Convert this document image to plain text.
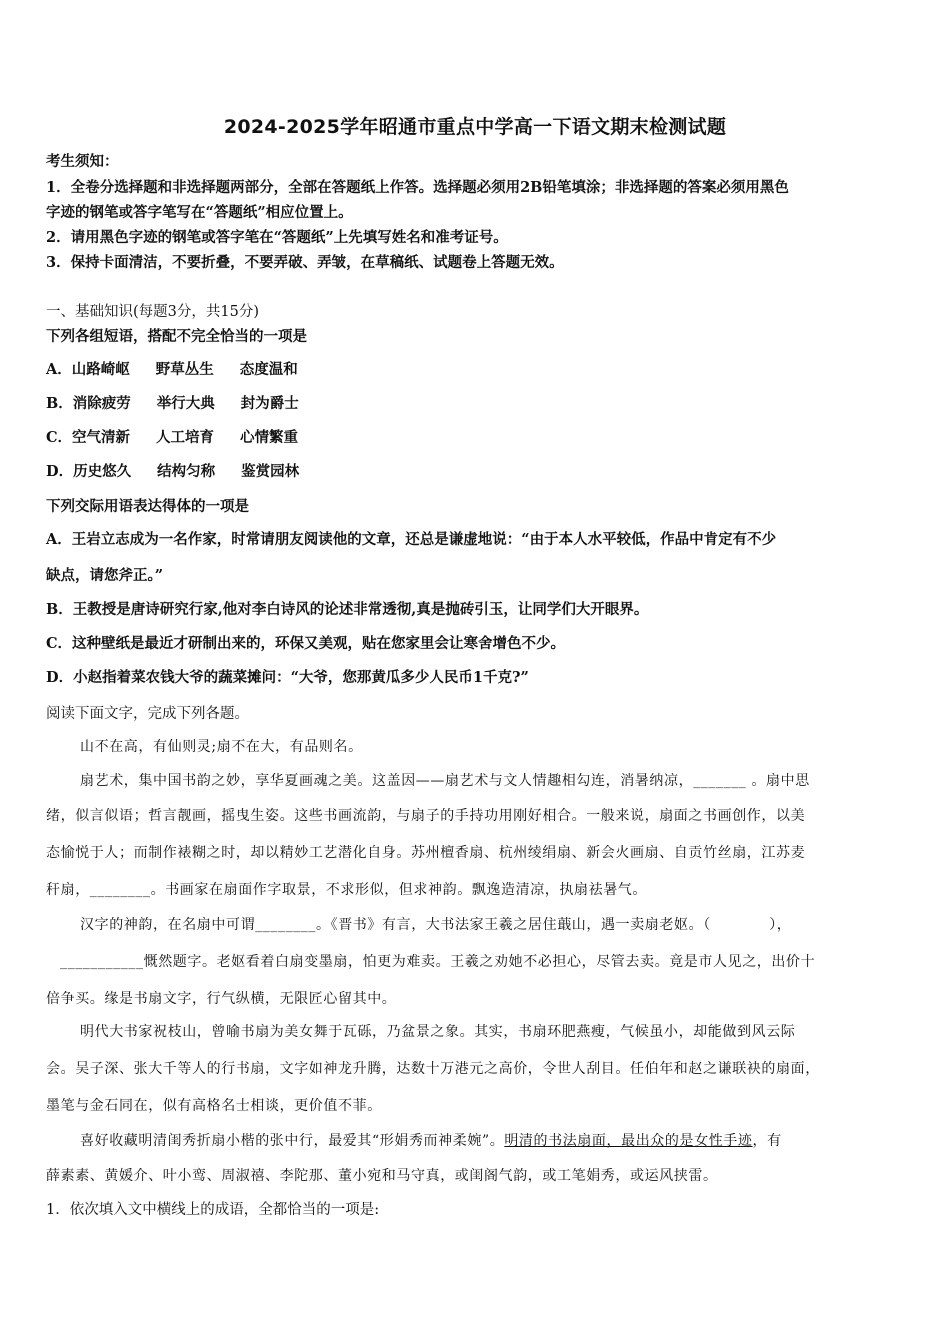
2024-2025学年昭通市重点中学高一下语文期末检测试题
考生须知：
1．全卷分选择题和非选择题两部分，全部在答题纸上作答。选择题必须用2B铅笔填涂；非选择题的答案必须用黑色
字迹的钢笔或答字笔写在“答题纸”相应位置上。
2．请用黑色字迹的钢笔或答字笔在“答题纸”上先填写姓名和准考证号。
3．保持卡面清洁，不要折叠，不要弄破、弄皱，在草稿纸、试题卷上答题无效。
一、基础知识(每题3分，共15分)
下列各组短语，搭配不完全恰当的一项是
A．山路崎岖 野草丛生 态度温和
B．消除疲劳 举行大典 封为爵士
C．空气清新 人工培育 心情繁重
D．历史悠久 结构匀称 鉴赏园林
下列交际用语表达得体的一项是
A．王岩立志成为一名作家，时常请朋友阅读他的文章，还总是谦虚地说：“由于本人水平较低，作品中肯定有不少
缺点，请您斧正。”
B．王教授是唐诗研究行家,他对李白诗风的论述非常透彻,真是抛砖引玉，让同学们大开眼界。
C．这种壁纸是最近才研制出来的，环保又美观，贴在您家里会让寒舍增色不少。
D．小赵指着菜农钱大爷的蔬菜摊问：“大爷，您那黄瓜多少人民币1千克?”
阅读下面文字，完成下列各题。
山不在高，有仙则灵;扇不在大，有品则名。
扇艺术，集中国书韵之妙，享华夏画魂之美。这盖因——扇艺术与文人情趣相勾连，消暑纳凉，_______ 。扇中思
绪，似言似语；哲言靓画，摇曳生姿。这些书画流韵，与扇子的手持功用刚好相合。一般来说，扇面之书画创作，以美
态愉悦于人；而制作裱糊之时，却以精妙工艺潜化自身。苏州檀香扇、杭州绫绢扇、新会火画扇、自贡竹丝扇，江苏麦
秆扇，________。书画家在扇面作字取景，不求形似，但求神韵。飘逸造清凉，执扇祛暑气。
汉字的神韵，在名扇中可谓________。《晋书》有言，大书法家王羲之居住蕺山，遇一卖扇老妪。（　　　　），
___________慨然题字。老妪看着白扇变墨扇，怕更为难卖。王羲之劝她不必担心，尽管去卖。竟是市人见之，出价十
倍争买。缘是书扇文字，行气纵横，无限匠心留其中。
明代大书家祝枝山，曾喻书扇为美女舞于瓦砾，乃盆景之象。其实，书扇环肥燕瘦，气候虽小，却能做到风云际
会。吴子深、张大千等人的行书扇，文字如神龙升腾，达数十万港元之高价，令世人刮目。任伯年和赵之谦联袂的扇面，
墨笔与金石同在，似有高格名士相谈，更价值不菲。
喜好收藏明清闺秀折扇小楷的张中行，最爱其“形娟秀而神柔婉”。明清的书法扇面，最出众的是女性手迹，有
薛素素、黄媛介、叶小鸾、周淑禧、李陀那、董小宛和马守真，或闺阁气韵，或工笔娟秀，或运风挟雷。
1．依次填入文中横线上的成语，全都恰当的一项是:
